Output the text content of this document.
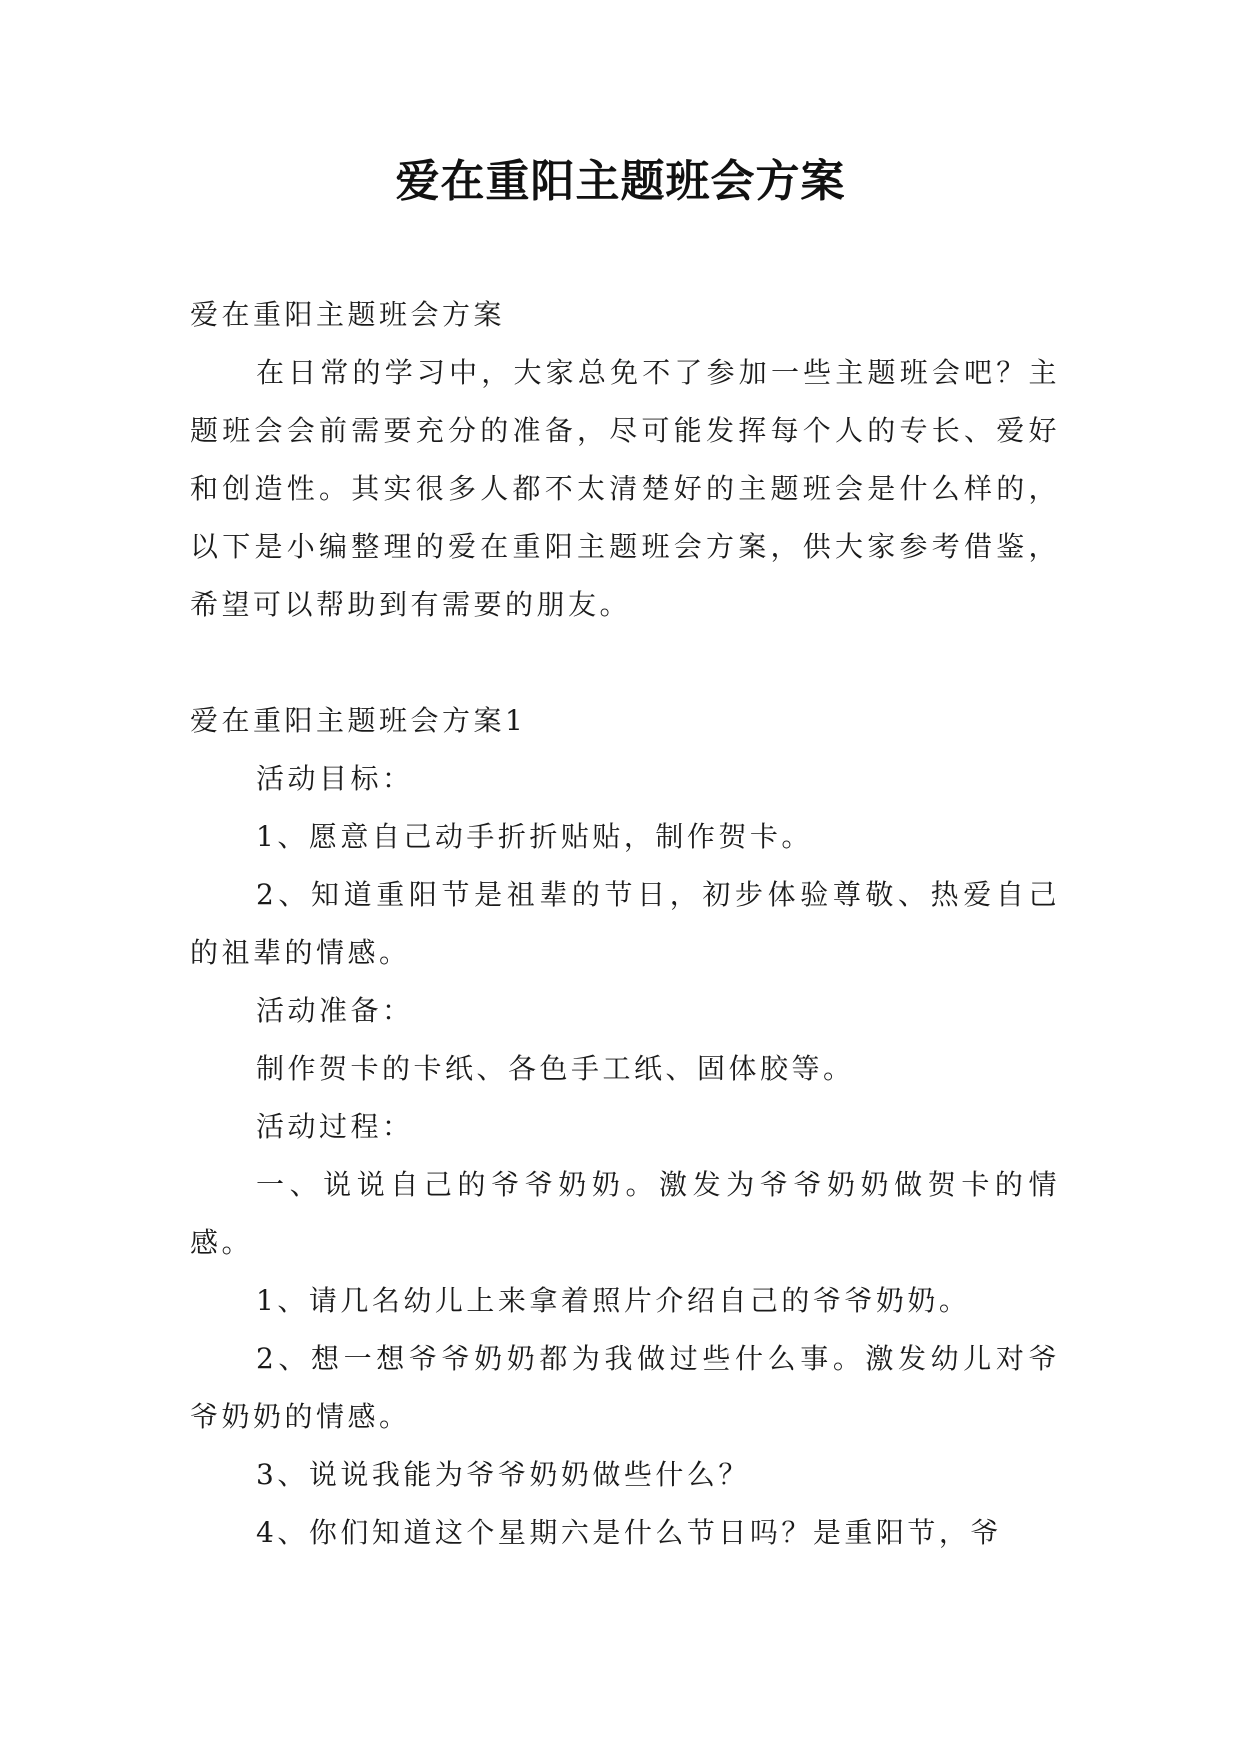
爱在重阳主题班会方案

爱在重阳主题班会方案

在日常的学习中，大家总免不了参加一些主题班会吧？主题班会会前需要充分的准备，尽可能发挥每个人的专长、爱好和创造性。其实很多人都不太清楚好的主题班会是什么样的，以下是小编整理的爱在重阳主题班会方案，供大家参考借鉴，希望可以帮助到有需要的朋友。

爱在重阳主题班会方案1

活动目标：

1、愿意自己动手折折贴贴，制作贺卡。

2、知道重阳节是祖辈的节日，初步体验尊敬、热爱自己的祖辈的情感。

活动准备：

制作贺卡的卡纸、各色手工纸、固体胶等。

活动过程：

一、说说自己的爷爷奶奶。激发为爷爷奶奶做贺卡的情感。

1、请几名幼儿上来拿着照片介绍自己的爷爷奶奶。

2、想一想爷爷奶奶都为我做过些什么事。激发幼儿对爷爷奶奶的情感。

3、说说我能为爷爷奶奶做些什么？

4、你们知道这个星期六是什么节日吗？是重阳节，爷
